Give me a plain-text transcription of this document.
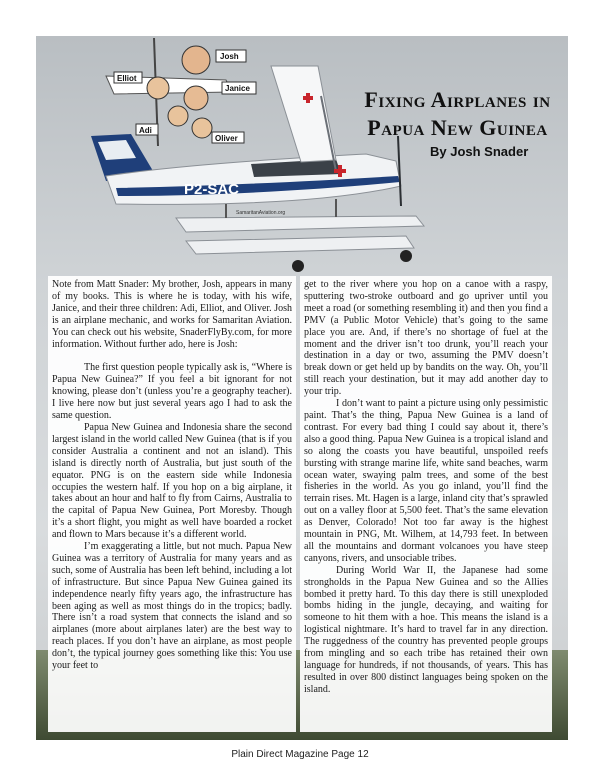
P2-SAC
SamaritanAviation.org
Josh
Elliot
Janice
Adi
Oliver
Fixing Airplanes in
Papua New Guinea
By Josh Snader

Note from Matt Snader: My brother, Josh, appears in many of my books. This is where he is today, with his wife, Janice, and their three children: Adi, Elliot, and Oliver. Josh is an airplane mechanic, and works for Samaritan Aviation. You can check out his website, SnaderFlyBy.com, for more information. Without further ado, here is Josh:

The first question people typically ask is, “Where is Papua New Guinea?” If you feel a bit ignorant for not knowing, please don’t (unless you’re a geography teacher). I live here now but just several years ago I had to ask the same question.

Papua New Guinea and Indonesia share the second largest island in the world called New Guinea (that is if you consider Australia a continent and not an island). This island is directly north of Australia, but just south of the equator. PNG is on the eastern side while Indonesia occupies the western half. If you hop on a big airplane, it takes about an hour and half to fly from Cairns, Australia to the capital of Papua New Guinea, Port Moresby. Though it’s a short flight, you might as well have boarded a rocket and flown to Mars because it’s a different world.

I’m exaggerating a little, but not much. Papua New Guinea was a territory of Australia for many years and as such, some of Australia has been left behind, including a lot of infrastructure. But since Papua New Guinea gained its independence nearly fifty years ago, the infrastructure has been aging as well as most things do in the tropics; badly. There isn’t a road system that connects the island and so airplanes (more about airplanes later) are the best way to reach places. If you don’t have an airplane, as most people don’t, the typical journey goes something like this: You use your feet to

get to the river where you hop on a canoe with a raspy, sputtering two-stroke outboard and go upriver until you meet a road (or something resembling it) and then you find a PMV (a Public Motor Vehicle) that’s going to the same place you are. And, if there’s no shortage of fuel at the moment and the driver isn’t too drunk, you’ll reach your destination in a day or two, assuming the PMV doesn’t break down or get held up by bandits on the way. Oh, you’ll still reach your destination, but it may add another day to your trip.

I don’t want to paint a picture using only pessimistic paint. That’s the thing, Papua New Guinea is a land of contrast. For every bad thing I could say about it, there’s also a good thing. Papua New Guinea is a tropical island and so along the coasts you have beautiful, unspoiled reefs bursting with strange marine life, white sand beaches, warm ocean water, swaying palm trees, and some of the best fisheries in the world. As you go inland, you’ll find the terrain rises. Mt. Hagen is a large, inland city that’s sprawled out on a valley floor at 5,500 feet. That’s the same elevation as Denver, Colorado! Not too far away is the highest mountain in PNG, Mt. Wilhem, at 14,793 feet. In between all the mountains and dormant volcanoes you have steep canyons, rivers, and unsociable tribes.

During World War II, the Japanese had some strongholds in the Papua New Guinea and so the Allies bombed it pretty hard. To this day there is still unexploded bombs hiding in the jungle, decaying, and waiting for someone to hit them with a hoe. This means the island is a logistical nightmare. It’s hard to travel far in any direction. The ruggedness of the country has prevented people groups from mingling and so each tribe has retained their own language for hundreds, if not thousands, of years. This has resulted in over 800 distinct languages being spoken on the island.

Plain Direct Magazine Page 12
